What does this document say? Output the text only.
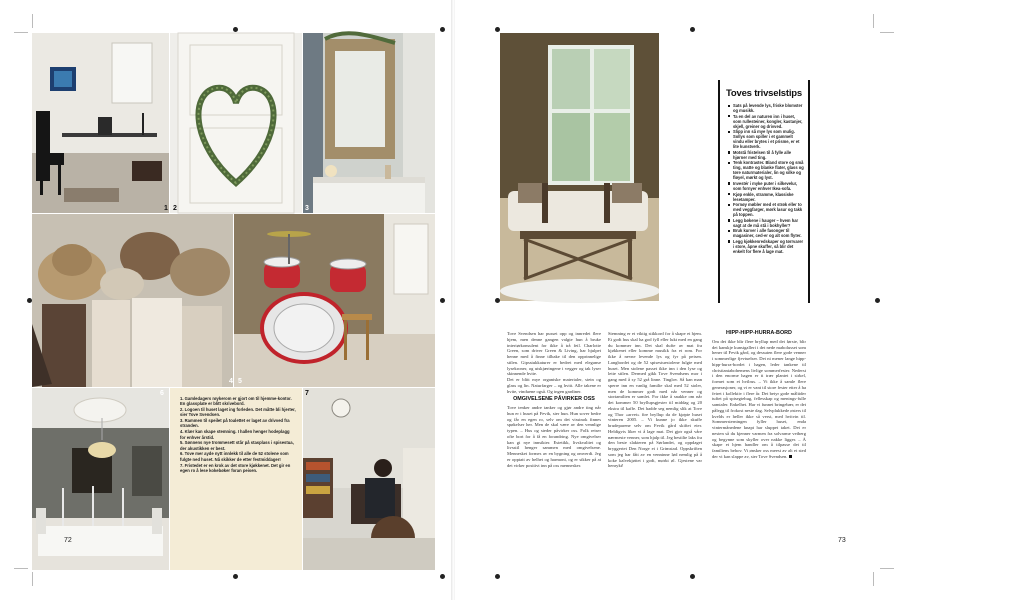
1 2	3
4 5
6
1. Gamledagers røykerom er gjort om til hjemme-kontor. En glassplate er blitt skrivebord.
2. Logoen til huset laget ing forleden. Det måtte bli hjerter, sier Tove Svendsen.
3. Rammen til speilet på toalettet er laget av drivved fra stranden.
4. Klær kan skape stemning. I hallen henger hodeplagg for enhver årstid.
5. Sønnens nye trommesett står på stasplass i spisestua, der akustikken er best.
6. Tove mer ayde nytt innlekk til alle de 52 stolene som fulgte ned huset. Nå skikker de etter festmiddager!
7. Fristedet er en krok av det store kjøkkenet. Det gir en egen ro å lese kokebøker foran peisen.
7
72
I dette huset er det ingenting som hindrer lyset i å slippe til.
Toves trivselstips
Sats på levende lys, friske blomster og musikk.
Ta en del av naturen inn i huset, som rullesteiner, kongler, kastanjer, skjell, greiner og drivved.
Slipp inn så mye lys som mulig. Sollys som spiller i et gammelt vindu eller brytes i et prisme, er et lite kunstverk.
Motstå fristelsen til å fylle alle hjørner med ting.
Tenk kontraster. Bland store og små ting, matte og blanke flater, glass og tøre naturmaterialer, lin og silke og fløyel, mørkt og lyst.
Investér i myke puter i silkevelur, som fornyer enhver Ikea-sofa.
Kjøp enkle, stramme, klassiske lesetamper.
Fornøy møbler med et strøk eller to med veggfarger, mørk lasur og takk på toppen.
Legg bøkene i hauger – hvem har sagt at de må stå i bokhyller?
Bruk kurver i alle fasonger til magasiner, ced-er og alt som flyter.
Legg kjøkkenredskaper og tørrvarer i store, åpne skuffer, så blir det enkelt for flere å lage mat.

Tove Svendsen har pusset opp og innredet flere hjem, men denne gangen valgte hun å bruke interiørkonsulent for ikke å trå feil. Charlotte Green, som driver Green & Living, har hjulpet henne med å finne tilbake til den opprinnelige stilen. Gipsstukkaturer er bedret med eleganse lysekroner, og utskjæringene i vegger og tak lyser skinnende hvite.

Det er blitt mye organiske materialer, stein og glass og lin. Naturfarger – og hvitt. Alle takene er hvite, vinduene også. Og ingen gardiner.

OMGIVELSENE PÅVIRKER OSS

Tove tenker andre tanker og gjør andre ting når hun er i huset på Fevik, sier hun. Hun sover bedre og får en egen ro, selv om det visstnok finnes spøkelser her. Men de skal være av den vennlige typen. – Hus og steder påvirker oss. Folk reiser ofte bort for å få en forandring. Nye omgivelser kan gi nye innsikter. Estetikk, livskvalitet og livsstil henger sammen med omgivelsene. Mennesket formes av en bygning og omverdi. Jeg er opptatt av helhet og harmoni, og er sikker på at det virker positivt inn på oss mennesker.

Stemning er et viktig stikkord for å skape et hjem. Et godt hus skal ha god fyll eller lukt med en gang du kommer inn. Det skal dufte av mat fra kjøkkenet eller komme musikk fra et rom. For ikke å nevne levende lys og fyr på peisen. Langbordet og de 52 spisestuestolene fulgte med huset. Men stolene passet ikke inn i den lyse og lette stilen. Dermed gikk Tove Svendsens mor i gang med å sy 52 grå linne. Tinglov. Så kan man sperre inn en vanlig familie skal med 52 stoler, men de kommer godt med når venner og stortamilien er samlet. For ikke å snakke om når det kommer 50 bryllupsgjester til middag og 20 ekstra til kaffe. Det hadde seg nemlig slik at Tove og Thor «arvet» fire bryllup da de kjøpte huset vinteren 2005. – Vi kunne jo ikke skuffe brudeparene selv om Fevik gård skiftet eier. Heldigvis liker vi å lage mat. Det gjør også våre nærmeste venner, som hjalp til. Jeg bestilte laks fra den beste slakteren på Sørlandet, og oppdaget bryggeriet Den Norge ei i Grimstad. Oppskriften som jeg har fått av en venninne lød nemlig på å koke kalvekjøttet i godt, mørkt øl. Gjestene var henrykt!

HIPP-HIPP-HURRA-BORD

Om det ikke blir flere bryllup med det første, blir det kanskje kunstgalleri i det nede mabolusset som hener til Fevik gård, og dessuten flere gode venner i sommerlige fjevtuelser. Det ni mener lange hipp-hipp-hurra-bordet i hagen, leder tankene til christianiabohemens livlige sommerfester. Nederst i den enorme hagen er ti trær plantet i sirkel, formet som et hvilrus. – Vi ikke å samle flere generasjoner, og vi er vant til store fester etter å ha feiret i kollektiv i flere år. Det betyr gode måltider tuftet på spisegtehug, fellesskap og menings-fulle samtaler. Enkelhet. Har vi funnet bringebær, er det pålegg til frokost neste dag. Selvplukkede østers til kvelds er heller ikke så verst, med hvitvin til. Sommersterningen fyller huset, enda vintermånedene knapt har sluppet taket. Det er nesten så du kjenner varmen fra solvarme veiberg og begynne som skyller over nakke ligger. – Å skape et hjem handler om å tilpasse det til familiens behov. Vi ønsker oss meest av alt et sted der vi kan slappe av, sier Tove Svendsen.

73
